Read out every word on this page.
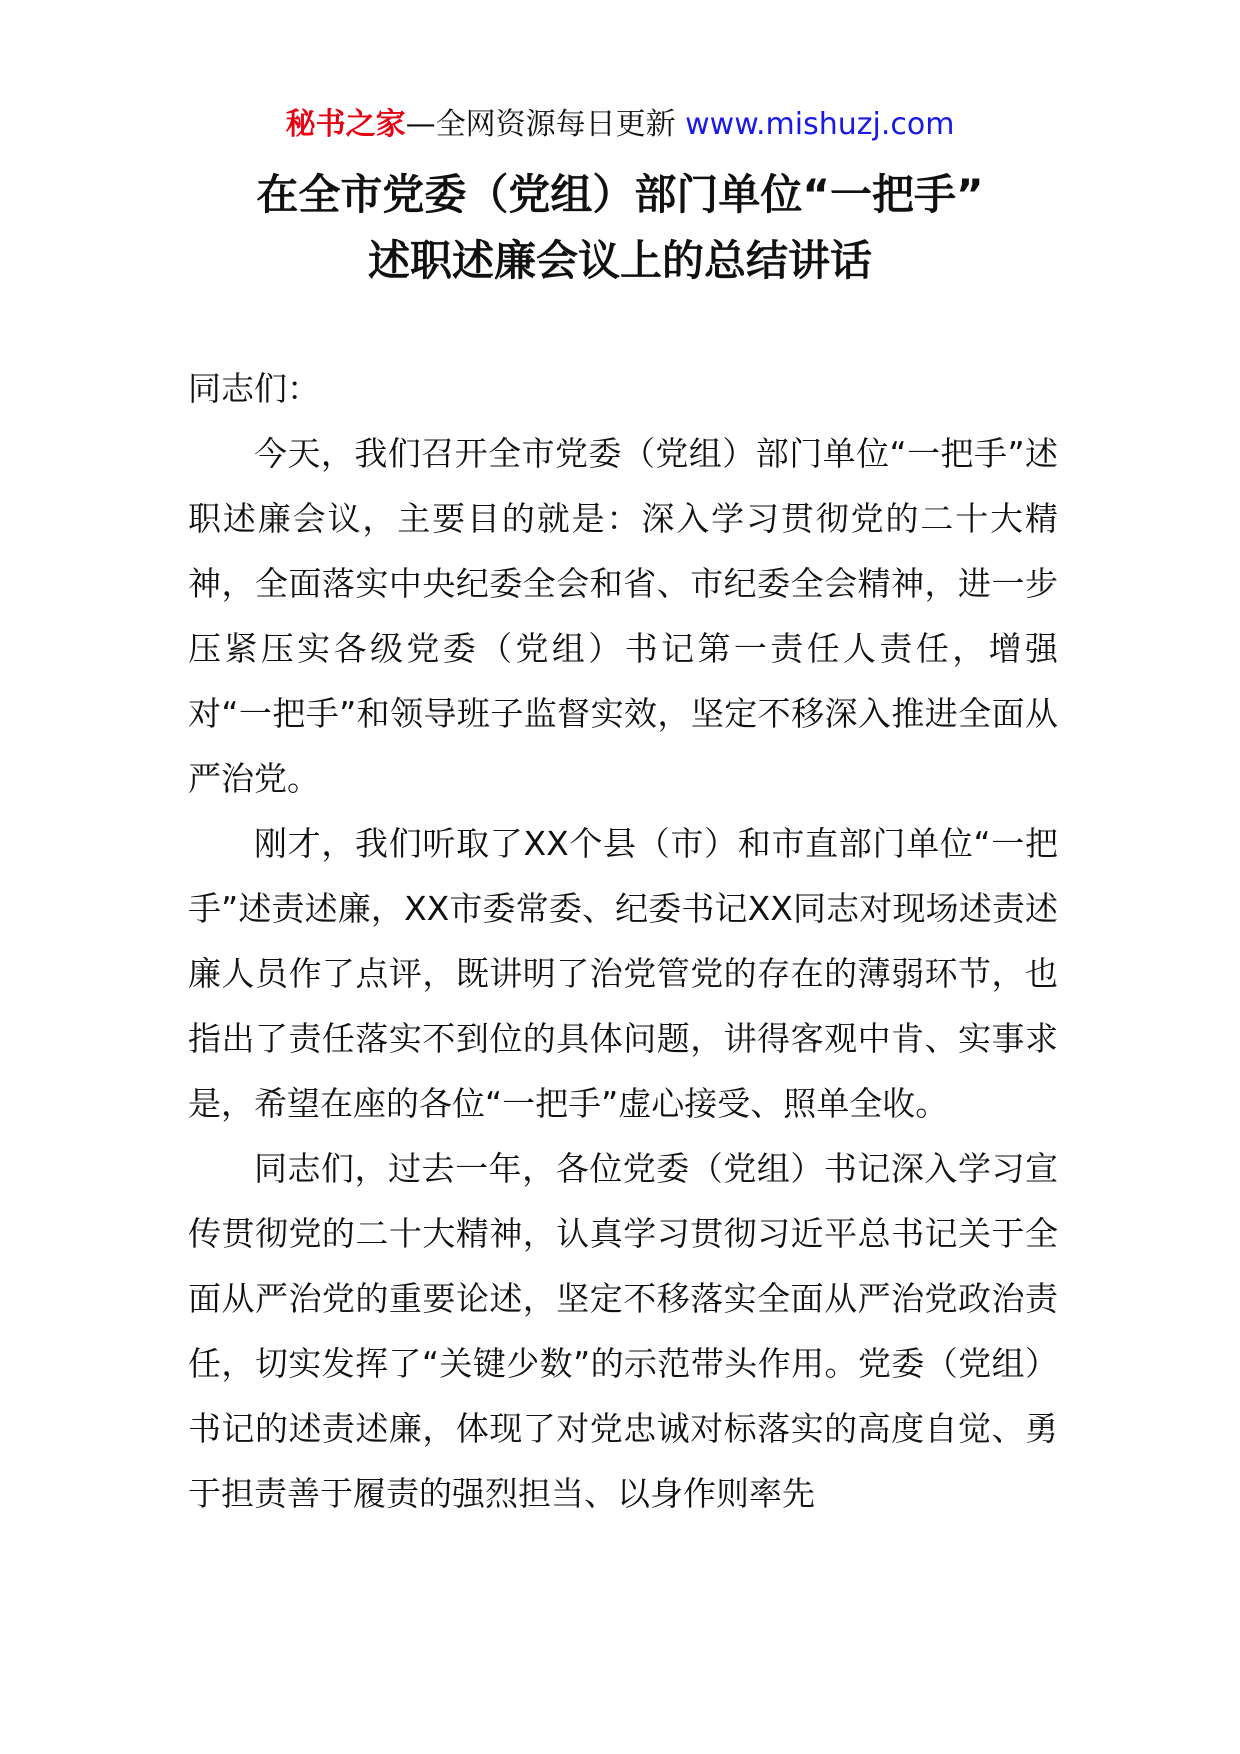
秘书之家—全网资源每日更新 www.mishuzj.com
在全市党委（党组）部门单位“一把手”
述职述廉会议上的总结讲话

同志们：

今天，我们召开全市党委（党组）部门单位“一把手”述职述廉会议，主要目的就是：深入学习贯彻党的二十大精神，全面落实中央纪委全会和省、市纪委全会精神，进一步压紧压实各级党委（党组）书记第一责任人责任，增强对“一把手”和领导班子监督实效，坚定不移深入推进全面从严治党。

刚才，我们听取了XX个县（市）和市直部门单位“一把手”述责述廉，XX市委常委、纪委书记XX同志对现场述责述廉人员作了点评，既讲明了治党管党的存在的薄弱环节，也指出了责任落实不到位的具体问题，讲得客观中肯、实事求是，希望在座的各位“一把手”虚心接受、照单全收。

同志们，过去一年，各位党委（党组）书记深入学习宣传贯彻党的二十大精神，认真学习贯彻习近平总书记关于全面从严治党的重要论述，坚定不移落实全面从严治党政治责任，切实发挥了“关键少数”的示范带头作用。党委（党组）书记的述责述廉，体现了对党忠诚对标落实的高度自觉、勇于担责善于履责的强烈担当、以身作则率先
